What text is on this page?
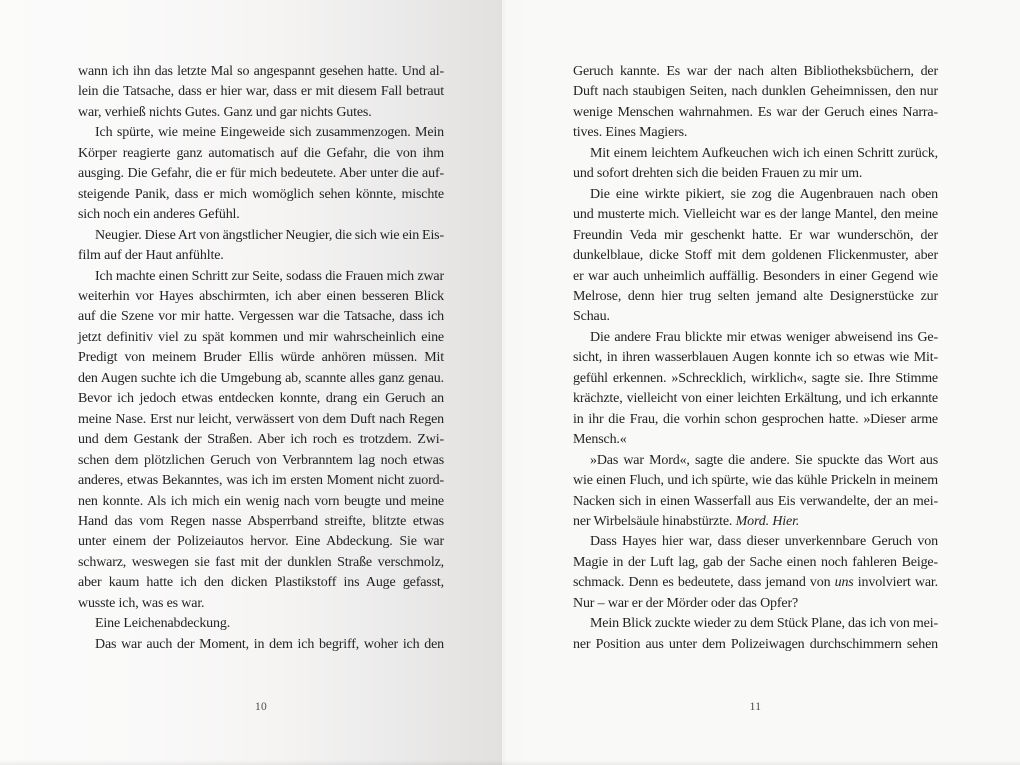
wann ich ihn das letzte Mal so angespannt gesehen hatte. Und al-
lein die Tatsache, dass er hier war, dass er mit diesem Fall betraut
war, verhieß nichts Gutes. Ganz und gar nichts Gutes.
Ich spürte, wie meine Eingeweide sich zusammenzogen. Mein
Körper reagierte ganz automatisch auf die Gefahr, die von ihm
ausging. Die Gefahr, die er für mich bedeutete. Aber unter die auf-
steigende Panik, dass er mich womöglich sehen könnte, mischte
sich noch ein anderes Gefühl.
Neugier. Diese Art von ängstlicher Neugier, die sich wie ein Eis-
film auf der Haut anfühlte.
Ich machte einen Schritt zur Seite, sodass die Frauen mich zwar
weiterhin vor Hayes abschirmten, ich aber einen besseren Blick
auf die Szene vor mir hatte. Vergessen war die Tatsache, dass ich
jetzt definitiv viel zu spät kommen und mir wahrscheinlich eine
Predigt von meinem Bruder Ellis würde anhören müssen. Mit
den Augen suchte ich die Umgebung ab, scannte alles ganz genau.
Bevor ich jedoch etwas entdecken konnte, drang ein Geruch an
meine Nase. Erst nur leicht, verwässert von dem Duft nach Regen
und dem Gestank der Straßen. Aber ich roch es trotzdem. Zwi-
schen dem plötzlichen Geruch von Verbranntem lag noch etwas
anderes, etwas Bekanntes, was ich im ersten Moment nicht zuord-
nen konnte. Als ich mich ein wenig nach vorn beugte und meine
Hand das vom Regen nasse Absperrband streifte, blitzte etwas
unter einem der Polizeiautos hervor. Eine Abdeckung. Sie war
schwarz, weswegen sie fast mit der dunklen Straße verschmolz,
aber kaum hatte ich den dicken Plastikstoff ins Auge gefasst,
wusste ich, was es war.
Eine Leichenabdeckung.
Das war auch der Moment, in dem ich begriff, woher ich den
10
Geruch kannte. Es war der nach alten Bibliotheksbüchern, der
Duft nach staubigen Seiten, nach dunklen Geheimnissen, den nur
wenige Menschen wahrnahmen. Es war der Geruch eines Narra-
tives. Eines Magiers.
Mit einem leichtem Aufkeuchen wich ich einen Schritt zurück,
und sofort drehten sich die beiden Frauen zu mir um.
Die eine wirkte pikiert, sie zog die Augenbrauen nach oben
und musterte mich. Vielleicht war es der lange Mantel, den meine
Freundin Veda mir geschenkt hatte. Er war wunderschön, der
dunkelblaue, dicke Stoff mit dem goldenen Flickenmuster, aber
er war auch unheimlich auffällig. Besonders in einer Gegend wie
Melrose, denn hier trug selten jemand alte Designerstücke zur
Schau.
Die andere Frau blickte mir etwas weniger abweisend ins Ge-
sicht, in ihren wasserblauen Augen konnte ich so etwas wie Mit-
gefühl erkennen. »Schrecklich, wirklich«, sagte sie. Ihre Stimme
krächzte, vielleicht von einer leichten Erkältung, und ich erkannte
in ihr die Frau, die vorhin schon gesprochen hatte. »Dieser arme
Mensch.«
»Das war Mord«, sagte die andere. Sie spuckte das Wort aus
wie einen Fluch, und ich spürte, wie das kühle Prickeln in meinem
Nacken sich in einen Wasserfall aus Eis verwandelte, der an mei-
ner Wirbelsäule hinabstürzte. Mord. Hier.
Dass Hayes hier war, dass dieser unverkennbare Geruch von
Magie in der Luft lag, gab der Sache einen noch fahleren Beige-
schmack. Denn es bedeutete, dass jemand von uns involviert war.
Nur – war er der Mörder oder das Opfer?
Mein Blick zuckte wieder zu dem Stück Plane, das ich von mei-
ner Position aus unter dem Polizeiwagen durchschimmern sehen
11
